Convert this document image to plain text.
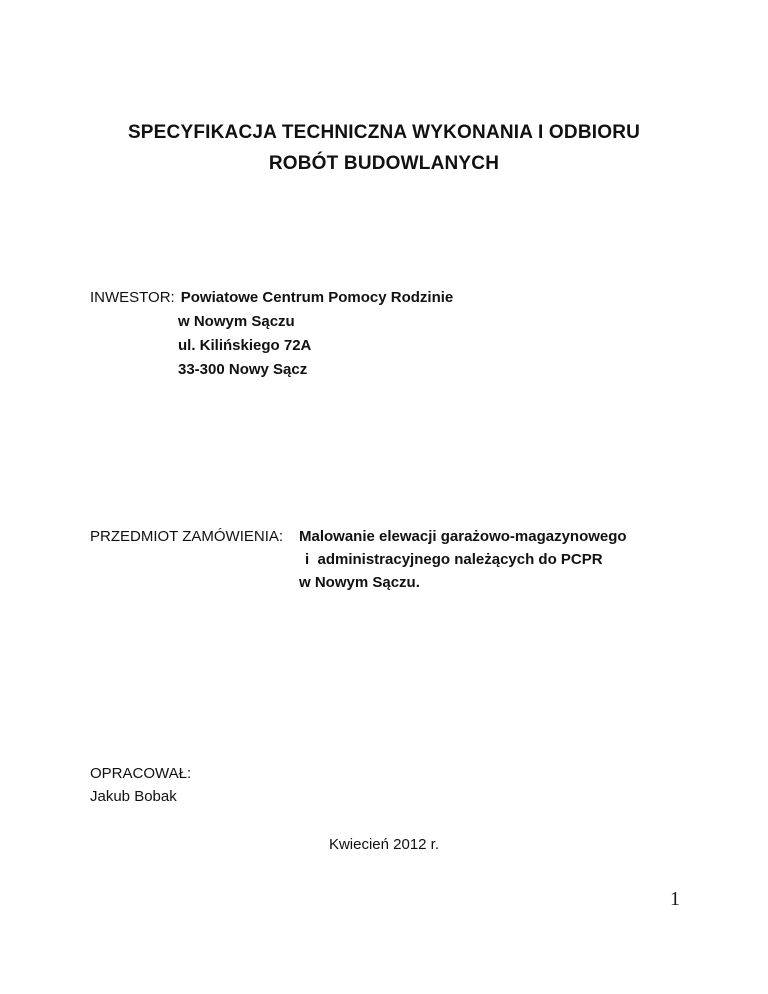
SPECYFIKACJA TECHNICZNA WYKONANIA I ODBIORU
ROBÓT BUDOWLANYCH
INWESTOR: Powiatowe Centrum Pomocy Rodzinie
w Nowym Sączu
ul. Kilińskiego 72A
33-300 Nowy Sącz
PRZEDMIOT ZAMÓWIENIA:	Malowanie elewacji garażowo-magazynowego
i  administracyjnego należących do PCPR
w Nowym Sączu.
OPRACOWAŁ:
Jakub Bobak
Kwiecień 2012 r.
1
